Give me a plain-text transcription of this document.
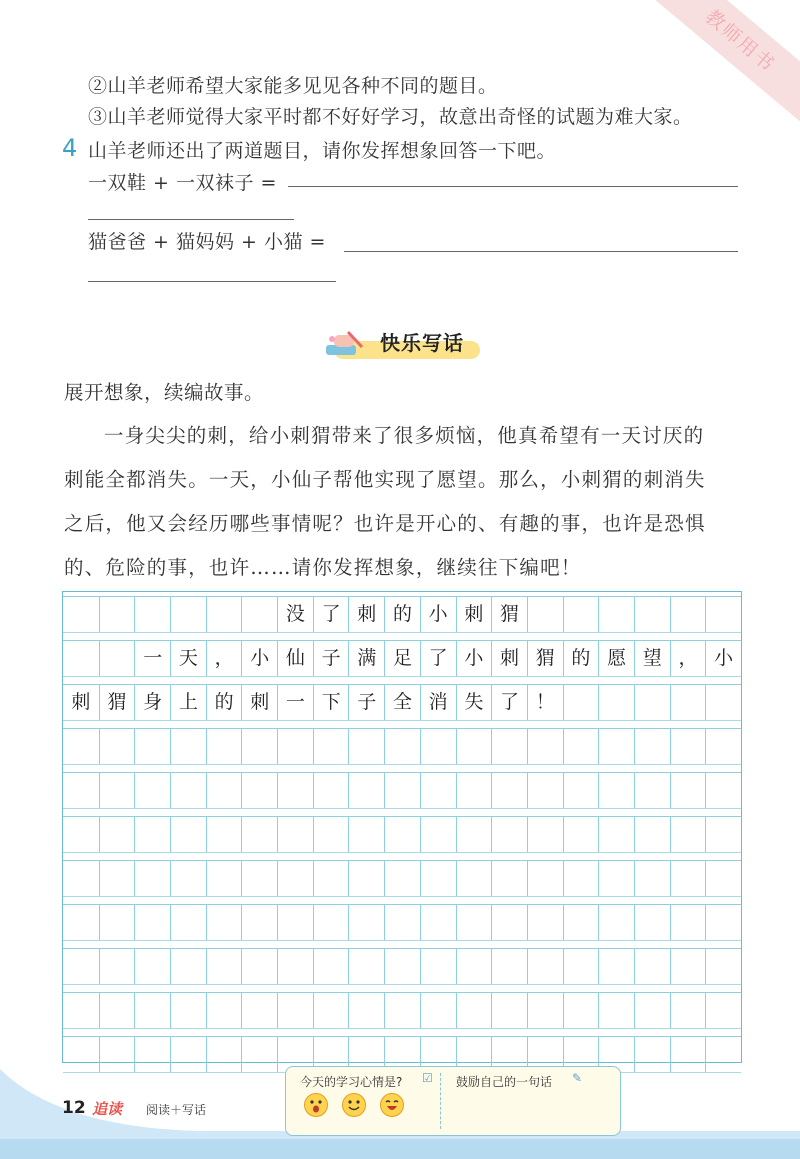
教师用书
②山羊老师希望大家能多见见各种不同的题目。
③山羊老师觉得大家平时都不好好学习，故意出奇怪的试题为难大家。
4 山羊老师还出了两道题目，请你发挥想象回答一下吧。
一双鞋 + 一双袜子 =
猫爸爸 + 猫妈妈 + 小猫 =
快乐写话
展开想象，续编故事。
一身尖尖的刺，给小刺猬带来了很多烦恼，他真希望有一天讨厌的
刺能全都消失。一天，小仙子帮他实现了愿望。那么，小刺猬的刺消失
之后，他又会经历哪些事情呢？也许是开心的、有趣的事，也许是恐惧
的、危险的事，也许……请你发挥想象，继续往下编吧！
没 了 刺 的 小 刺 猬
一 天 ， 小 仙 子 满 足 了 小 刺 猬 的 愿 望 ， 小
刺 猬 身 上 的 刺 一 下 子 全 消 失 了 ！
12 追读 阅读＋写话
今天的学习心情是? ☑ 鼓励自己的一句话 ✎
